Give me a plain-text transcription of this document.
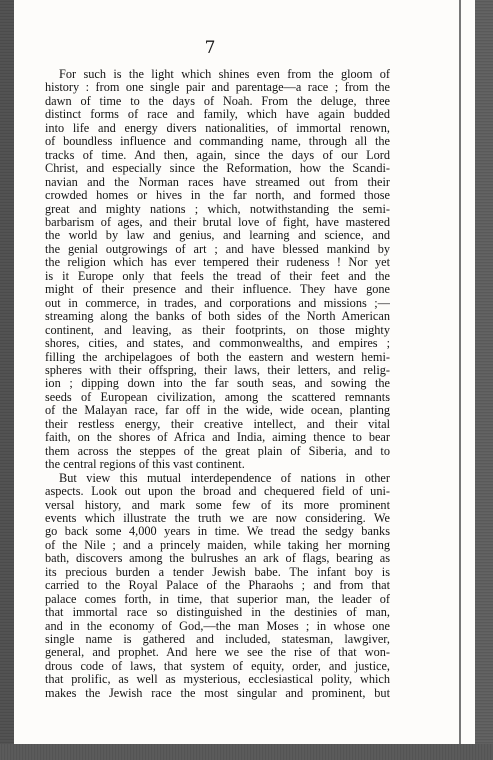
7
For such is the light which shines even from the gloom of
history : from one single pair and parentage—a race ; from the
dawn of time to the days of Noah. From the deluge, three
distinct forms of race and family, which have again budded
into life and energy divers nationalities, of immortal renown,
of boundless influence and commanding name, through all the
tracks of time. And then, again, since the days of our Lord
Christ, and especially since the Reformation, how the Scandi-
navian and the Norman races have streamed out from their
crowded homes or hives in the far north, and formed those
great and mighty nations ; which, notwithstanding the semi-
barbarism of ages, and their brutal love of fight, have mastered
the world by law and genius, and learning and science, and
the genial outgrowings of art ; and have blessed mankind by
the religion which has ever tempered their rudeness ! Nor yet
is it Europe only that feels the tread of their feet and the
might of their presence and their influence. They have gone
out in commerce, in trades, and corporations and missions ;—
streaming along the banks of both sides of the North American
continent, and leaving, as their footprints, on those mighty
shores, cities, and states, and commonwealths, and empires ;
filling the archipelagoes of both the eastern and western hemi-
spheres with their offspring, their laws, their letters, and relig-
ion ; dipping down into the far south seas, and sowing the
seeds of European civilization, among the scattered remnants
of the Malayan race, far off in the wide, wide ocean, planting
their restless energy, their creative intellect, and their vital
faith, on the shores of Africa and India, aiming thence to bear
them across the steppes of the great plain of Siberia, and to
the central regions of this vast continent.
But view this mutual interdependence of nations in other
aspects. Look out upon the broad and chequered field of uni-
versal history, and mark some few of its more prominent
events which illustrate the truth we are now considering. We
go back some 4,000 years in time. We tread the sedgy banks
of the Nile ; and a princely maiden, while taking her morning
bath, discovers among the bulrushes an ark of flags, bearing as
its precious burden a tender Jewish babe. The infant boy is
carried to the Royal Palace of the Pharaohs ; and from that
palace comes forth, in time, that superior man, the leader of
that immortal race so distinguished in the destinies of man,
and in the economy of God,—the man Moses ; in whose one
single name is gathered and included, statesman, lawgiver,
general, and prophet. And here we see the rise of that won-
drous code of laws, that system of equity, order, and justice,
that prolific, as well as mysterious, ecclesiastical polity, which
makes the Jewish race the most singular and prominent, but
